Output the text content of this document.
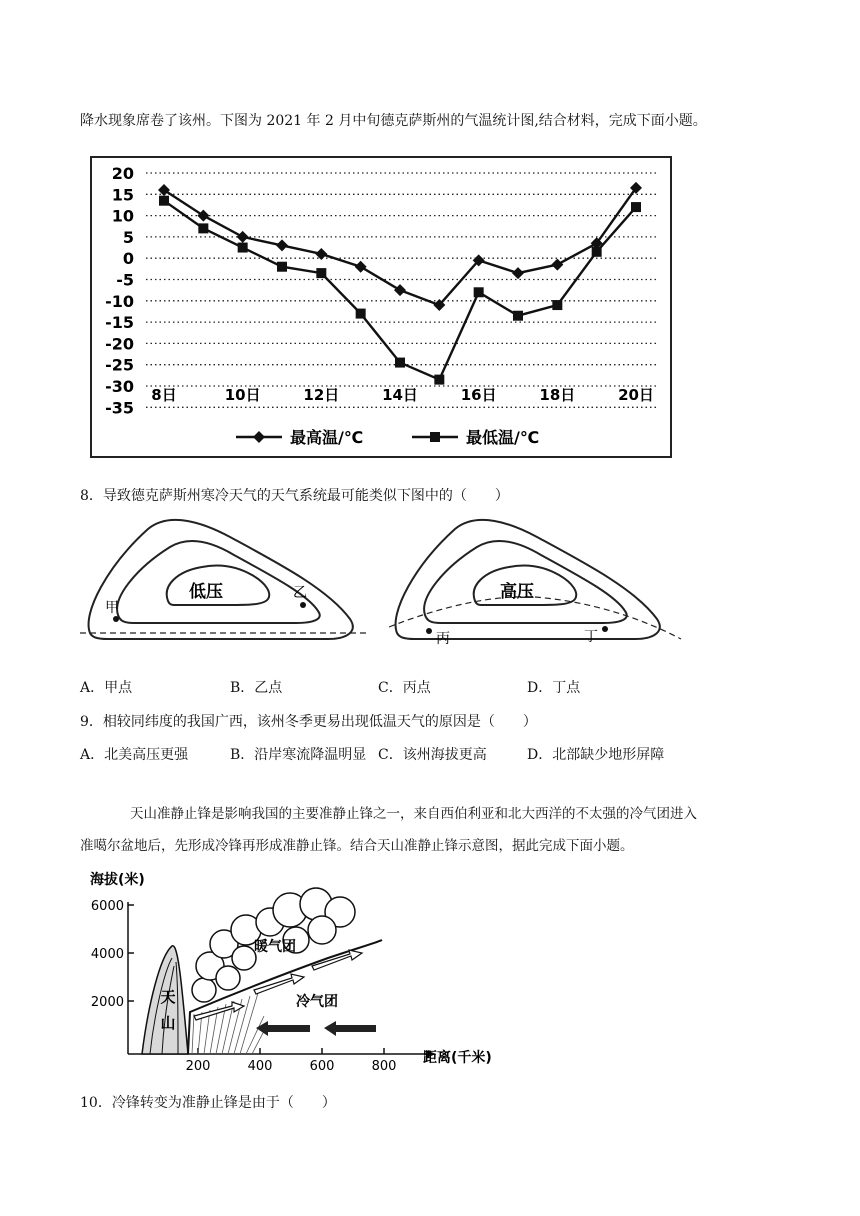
降水现象席卷了该州。下图为 2021 年 2 月中旬德克萨斯州的气温统计图,结合材料，完成下面小题。
20
15
10
5
0
-5
-10
-15
-20
-25
-30
-35
8日	10日	12日	14日	16日	18日	20日
最高温/℃	最低温/℃
8．导致德克萨斯州寒冷天气的天气系统最可能类似下图中的（　　）
低压
甲
乙	高压
丙	丁
A．甲点	B．乙点	C．丙点	D．丁点
9．相较同纬度的我国广西，该州冬季更易出现低温天气的原因是（　　）
A．北美高压更强	B．沿岸寒流降温明显 C．该州海拔更高	D．北部缺少地形屏障
天山准静止锋是影响我国的主要准静止锋之一，来自西伯利亚和北大西洋的不太强的冷气团进入
准噶尔盆地后，先形成冷锋再形成准静止锋。结合天山准静止锋示意图，据此完成下面小题。
海拔(米)
6000
4000
2000
200	400	600	800
距离(千米)
天
山
暖气团
冷气团
10．冷锋转变为准静止锋是由于（　　）
